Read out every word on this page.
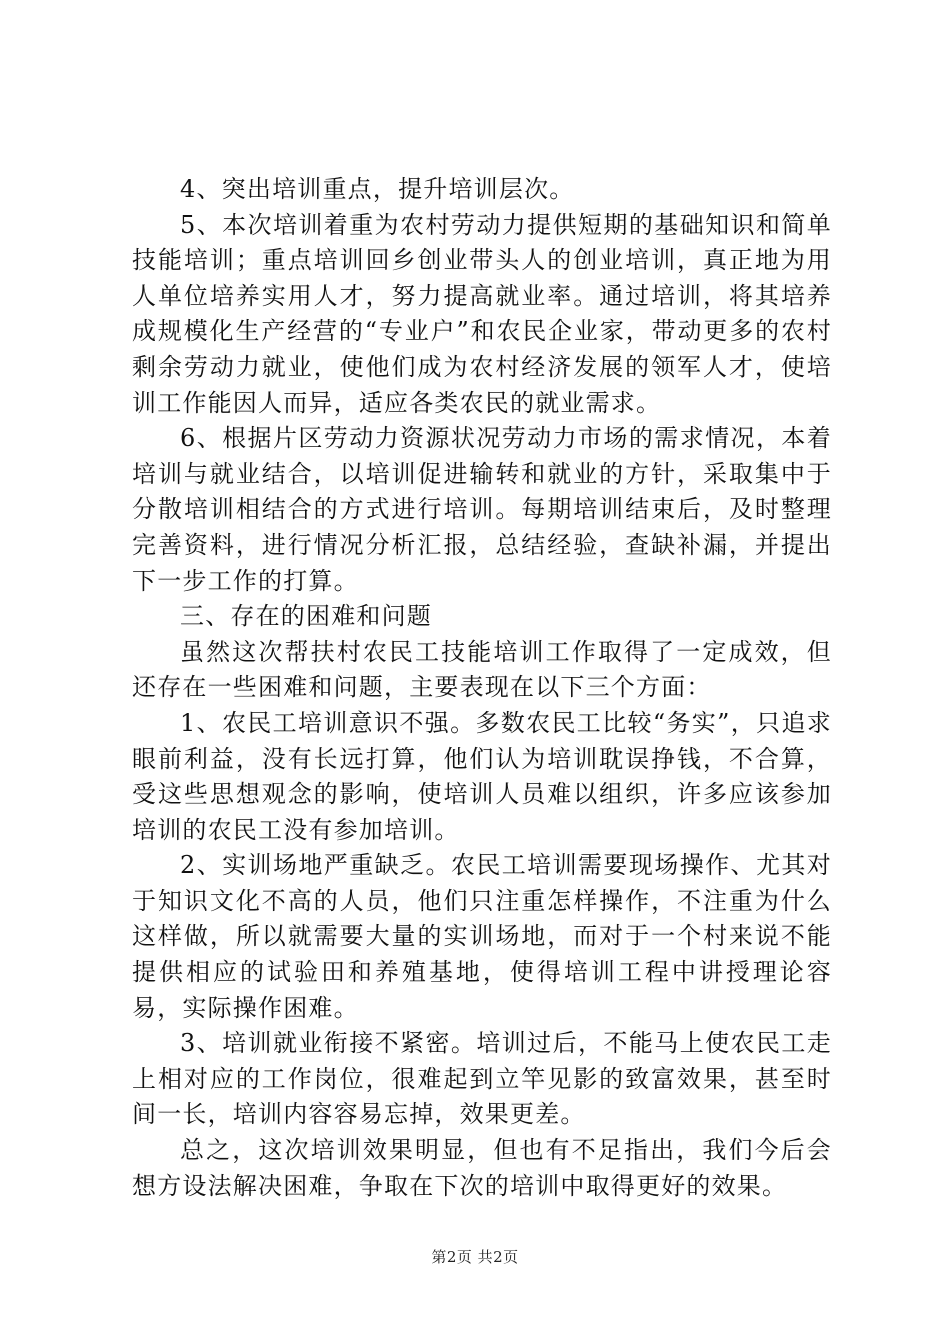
4、突出培训重点，提升培训层次。

5、本次培训着重为农村劳动力提供短期的基础知识和简单技能培训；重点培训回乡创业带头人的创业培训，真正地为用人单位培养实用人才，努力提高就业率。通过培训，将其培养成规模化生产经营的“专业户”和农民企业家，带动更多的农村剩余劳动力就业，使他们成为农村经济发展的领军人才，使培训工作能因人而异，适应各类农民的就业需求。

6、根据片区劳动力资源状况劳动力市场的需求情况，本着培训与就业结合，以培训促进输转和就业的方针，采取集中于分散培训相结合的方式进行培训。每期培训结束后，及时整理完善资料，进行情况分析汇报，总结经验，查缺补漏，并提出下一步工作的打算。

三、存在的困难和问题

虽然这次帮扶村农民工技能培训工作取得了一定成效，但还存在一些困难和问题，主要表现在以下三个方面：

1、农民工培训意识不强。多数农民工比较“务实”，只追求眼前利益，没有长远打算，他们认为培训耽误挣钱，不合算，受这些思想观念的影响，使培训人员难以组织，许多应该参加培训的农民工没有参加培训。

2、实训场地严重缺乏。农民工培训需要现场操作、尤其对于知识文化不高的人员，他们只注重怎样操作，不注重为什么这样做，所以就需要大量的实训场地，而对于一个村来说不能提供相应的试验田和养殖基地，使得培训工程中讲授理论容易，实际操作困难。

3、培训就业衔接不紧密。培训过后，不能马上使农民工走上相对应的工作岗位，很难起到立竿见影的致富效果，甚至时间一长，培训内容容易忘掉，效果更差。

总之，这次培训效果明显，但也有不足指出，我们今后会想方设法解决困难，争取在下次的培训中取得更好的效果。

第2页 共2页
